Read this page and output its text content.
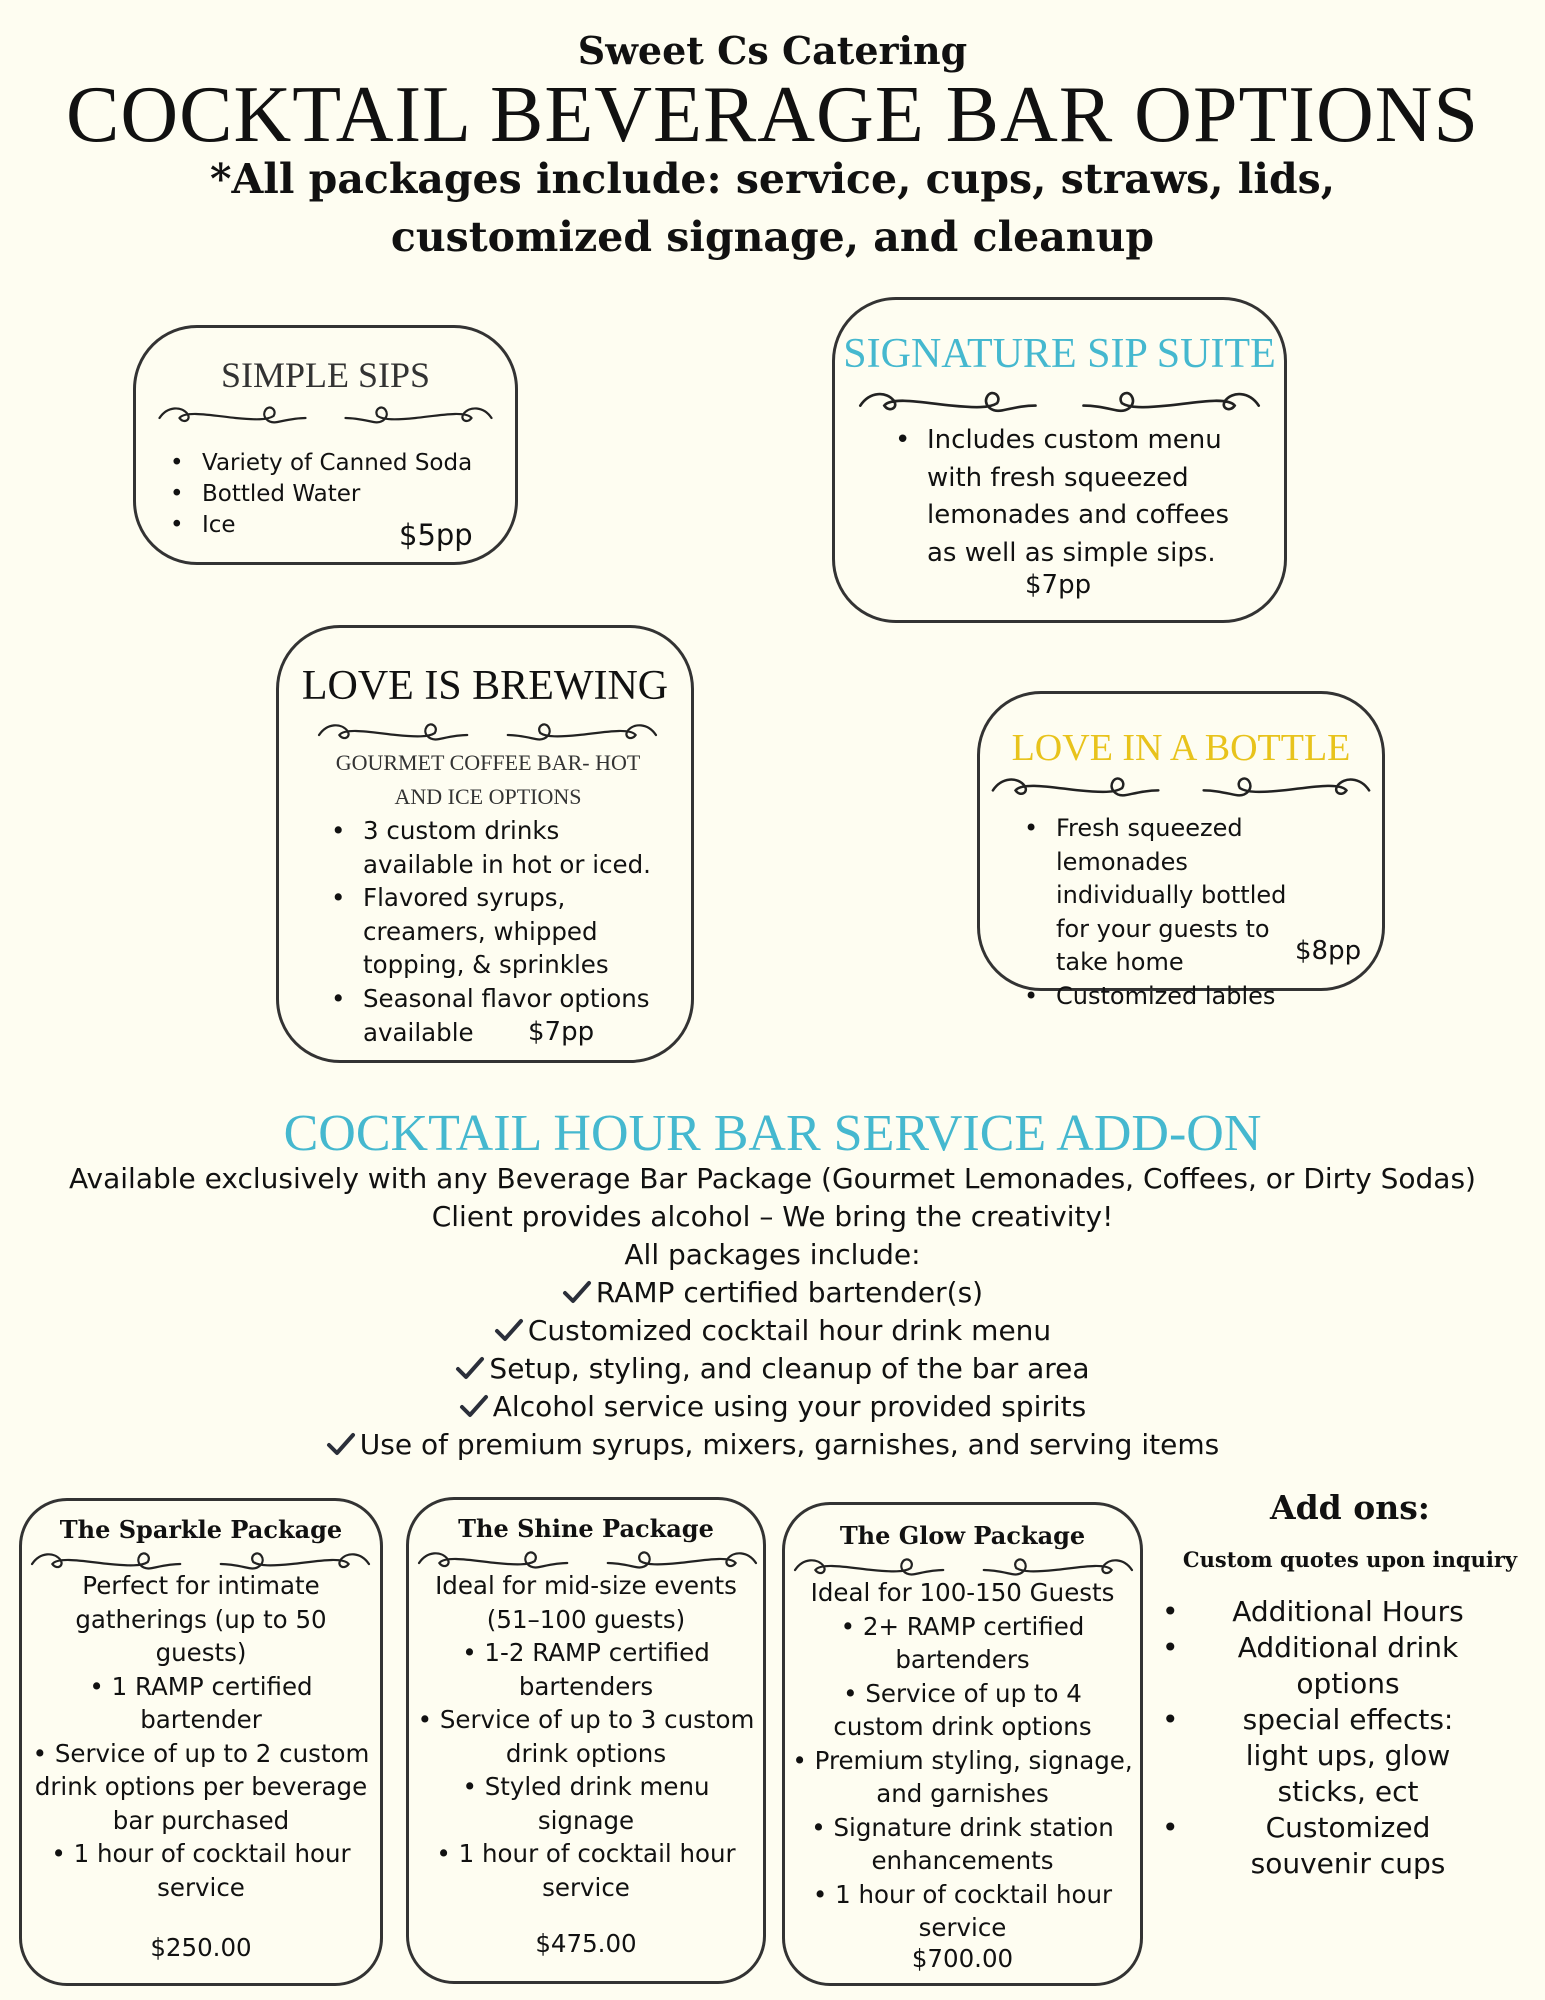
Sweet Cs Catering
COCKTAIL BEVERAGE BAR OPTIONS
*All packages include: service, cups, straws, lids, customized signage, and cleanup
SIMPLE SIPS
• Variety of Canned Soda
• Bottled Water
• Ice	$5pp
SIGNATURE SIP SUITE
• Includes custom menu with fresh squeezed lemonades and coffees as well as simple sips.
$7pp
LOVE IS BREWING
GOURMET COFFEE BAR- HOT AND ICE OPTIONS
• 3 custom drinks available in hot or iced.
• Flavored syrups, creamers, whipped topping, & sprinkles
• Seasonal flavor options available	$7pp
LOVE IN A BOTTLE
• Fresh squeezed lemonades individually bottled for your guests to take home
• Customized lables
$8pp
COCKTAIL HOUR BAR SERVICE ADD-ON
Available exclusively with any Beverage Bar Package (Gourmet Lemonades, Coffees, or Dirty Sodas)
Client provides alcohol – We bring the creativity!
All packages include:
RAMP certified bartender(s)
Customized cocktail hour drink menu
Setup, styling, and cleanup of the bar area
Alcohol service using your provided spirits
Use of premium syrups, mixers, garnishes, and serving items
The Sparkle Package
Perfect for intimate
gatherings (up to 50
guests)
• 1 RAMP certified
bartender
• Service of up to 2 custom
drink options per beverage
bar purchased
• 1 hour of cocktail hour
service
$250.00
The Shine Package
Ideal for mid-size events
(51–100 guests)
• 1-2 RAMP certified
bartenders
• Service of up to 3 custom
drink options
• Styled drink menu
signage
• 1 hour of cocktail hour
service
$475.00
The Glow Package
Ideal for 100-150 Guests
• 2+ RAMP certified
bartenders
• Service of up to 4
custom drink options
• Premium styling, signage,
and garnishes
• Signature drink station
enhancements
• 1 hour of cocktail hour
service
$700.00
Add ons:
Custom quotes upon inquiry
• Additional Hours
• Additional drink options
• special effects: light ups, glow sticks, ect
• Customized souvenir cups
